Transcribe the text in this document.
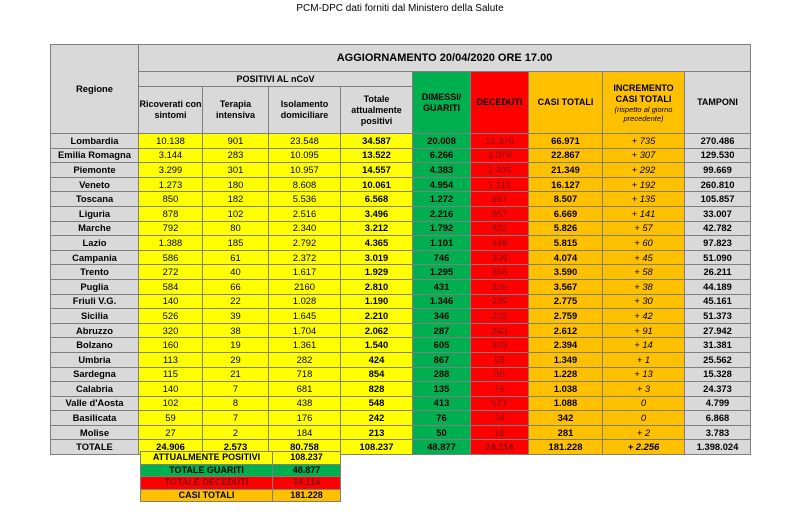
PCM-DPC dati forniti dal Ministero della Salute
Regione	AGGIORNAMENTO 20/04/2020 ORE 17.00								
	POSITIVI AL nCoV				DIMESSI/ GUARITI	DECEDUTI	CASI TOTALI	INCREMENTO CASI TOTALI
(rispetto al giorno precedente)	TAMPONI
	Ricoverati con sintomi	Terapia intensiva	Isolamento domiciliare	Totale attualmente positivi					
Lombardia	10.138	901	23.548	34.587	20.008	12.376	66.971	+ 735	270.486
Emilia Romagna	3.144	283	10.095	13.522	6.266	3.079	22.867	+ 307	129.530
Piemonte	3.299	301	10.957	14.557	4.383	2.409	21.349	+ 292	99.669
Veneto	1.273	180	8.608	10.061	4.954	1.112	16.127	+ 192	260.810
Toscana	850	182	5.536	6.568	1.272	667	8.507	+ 135	105.857
Liguria	878	102	2.516	3.496	2.216	957	6.669	+ 141	33.007
Marche	792	80	2.340	3.212	1.792	822	5.826	+ 57	42.782
Lazio	1.388	185	2.792	4.365	1.101	349	5.815	+ 60	97.823
Campania	586	61	2.372	3.019	746	309	4.074	+ 45	51.090
Trento	272	40	1.617	1.929	1.295	366	3.590	+ 58	26.211
Puglia	584	66	2160	2.810	431	326	3.567	+ 38	44.189
Friuli V.G.	140	22	1.028	1.190	1.346	239	2.775	+ 30	45.161
Sicilia	526	39	1.645	2.210	346	203	2.759	+ 42	51.373
Abruzzo	320	38	1.704	2.062	287	263	2.612	+ 91	27.942
Bolzano	160	19	1.361	1.540	605	249	2.394	+ 14	31.381
Umbria	113	29	282	424	867	58	1.349	+ 1	25.562
Sardegna	115	21	718	854	288	86	1.228	+ 13	15.328
Calabria	140	7	681	828	135	75	1.038	+ 3	24.373
Valle d'Aosta	102	8	438	548	413	127	1.088	0	4.799
Basilicata	59	7	176	242	76	24	342	0	6.868
Molise	27	2	184	213	50	18	281	+ 2	3.783
TOTALE	24.906	2.573	80.758	108.237	48.877	24.114	181.228	+ 2.256	1.398.024
ATTUALMENTE POSITIVI	108.237
TOTALE GUARITI	48.877
TOTALE DECEDUTI	24.114
CASI TOTALI	181.228
